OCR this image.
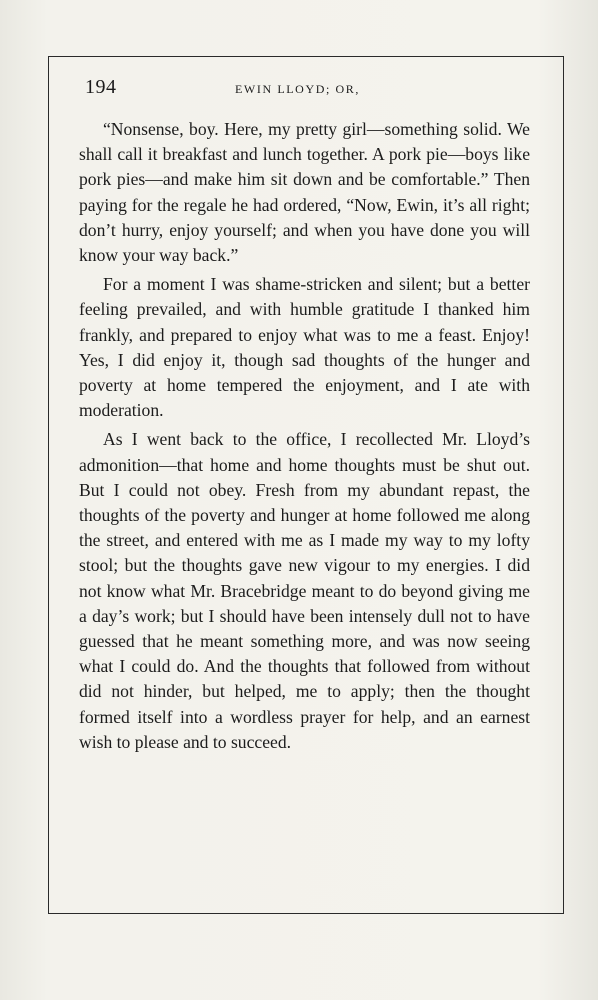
194	EWIN LLOYD; OR,

“Nonsense, boy. Here, my pretty girl—something solid. We shall call it breakfast and lunch together. A pork pie—boys like pork pies—and make him sit down and be comfortable.” Then paying for the regale he had ordered, “Now, Ewin, it’s all right; don’t hurry, enjoy yourself; and when you have done you will know your way back.”

For a moment I was shame-stricken and silent; but a better feeling prevailed, and with humble gratitude I thanked him frankly, and prepared to enjoy what was to me a feast. Enjoy! Yes, I did enjoy it, though sad thoughts of the hunger and poverty at home tempered the enjoyment, and I ate with moderation.

As I went back to the office, I recollected Mr. Lloyd’s admonition—that home and home thoughts must be shut out. But I could not obey. Fresh from my abundant repast, the thoughts of the poverty and hunger at home followed me along the street, and entered with me as I made my way to my lofty stool; but the thoughts gave new vigour to my energies. I did not know what Mr. Bracebridge meant to do beyond giving me a day’s work; but I should have been intensely dull not to have guessed that he meant something more, and was now seeing what I could do. And the thoughts that followed from without did not hinder, but helped, me to apply; then the thought formed itself into a wordless prayer for help, and an earnest wish to please and to succeed.
